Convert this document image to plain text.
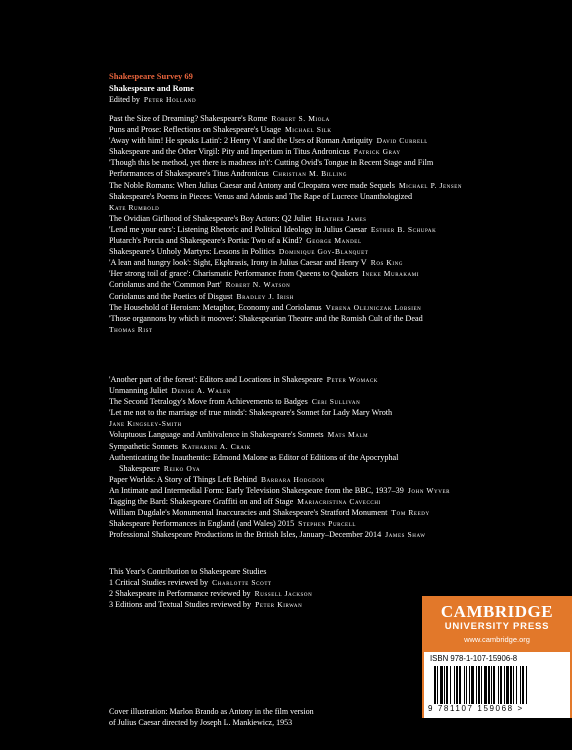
Shakespeare Survey 69
Shakespeare and Rome
Edited by Peter Holland
Past the Size of Dreaming? Shakespeare's Rome Robert S. Miola
Puns and Prose: Reflections on Shakespeare's Usage Michael Silk
'Away with him! He speaks Latin': 2 Henry VI and the Uses of Roman Antiquity David Currell
Shakespeare and the Other Virgil: Pity and Imperium in Titus Andronicus Patrick Gray
'Though this be method, yet there is madness in't': Cutting Ovid's Tongue in Recent Stage and Film
Performances of Shakespeare's Titus Andronicus Christian M. Billing
The Noble Romans: When Julius Caesar and Antony and Cleopatra were made Sequels Michael P. Jensen
Shakespeare's Poems in Pieces: Venus and Adonis and The Rape of Lucrece Unanthologized
Kate Rumbold
The Ovidian Girlhood of Shakespeare's Boy Actors: Q2 Juliet Heather James
'Lend me your ears': Listening Rhetoric and Political Ideology in Julius Caesar Esther B. Schupak
Plutarch's Porcia and Shakespeare's Portia: Two of a Kind? George Mandel
Shakespeare's Unholy Martyrs: Lessons in Politics Dominique Goy-Blanquet
'A lean and hungry look': Sight, Ekphrasis, Irony in Julius Caesar and Henry V Ros King
'Her strong toil of grace': Charismatic Performance from Queens to Quakers Ineke Murakami
Coriolanus and the 'Common Part' Robert N. Watson
Coriolanus and the Poetics of Disgust Bradley J. Irish
The Household of Heroism: Metaphor, Economy and Coriolanus Verena Olejniczak Lobsien
'Those organnons by which it mooves': Shakespearian Theatre and the Romish Cult of the Dead
Thomas Rist
'Another part of the forest': Editors and Locations in Shakespeare Peter Womack
Unmanning Juliet Denise A. Walen
The Second Tetralogy's Move from Achievements to Badges Ceri Sullivan
'Let me not to the marriage of true minds': Shakespeare's Sonnet for Lady Mary Wroth
Jane Kingsley-Smith
Voluptuous Language and Ambivalence in Shakespeare's Sonnets Mats Malm
Sympathetic Sonnets Katharine A. Craik
Authenticating the Inauthentic: Edmond Malone as Editor of Editions of the Apocryphal
Shakespeare Reiko Oya
Paper Worlds: A Story of Things Left Behind Barbara Hodgdon
An Intimate and Intermedial Form: Early Television Shakespeare from the BBC, 1937–39 John Wyver
Tagging the Bard: Shakespeare Graffiti on and off Stage Mariacristina Cavecchi
William Dugdale's Monumental Inaccuracies and Shakespeare's Stratford Monument Tom Reedy
Shakespeare Performances in England (and Wales) 2015 Stephen Purcell
Professional Shakespeare Productions in the British Isles, January–December 2014 James Shaw
This Year's Contribution to Shakespeare Studies
1 Critical Studies reviewed by Charlotte Scott
2 Shakespeare in Performance reviewed by Russell Jackson
3 Editions and Textual Studies reviewed by Peter Kirwan	CAMBRIDGE
UNIVERSITY PRESS
www.cambridge.org
ISBN 978-1-107-15906-8
9 781107 159068 >
Cover illustration: Marlon Brando as Antony in the film version
of Julius Caesar directed by Joseph L. Mankiewicz, 1953
